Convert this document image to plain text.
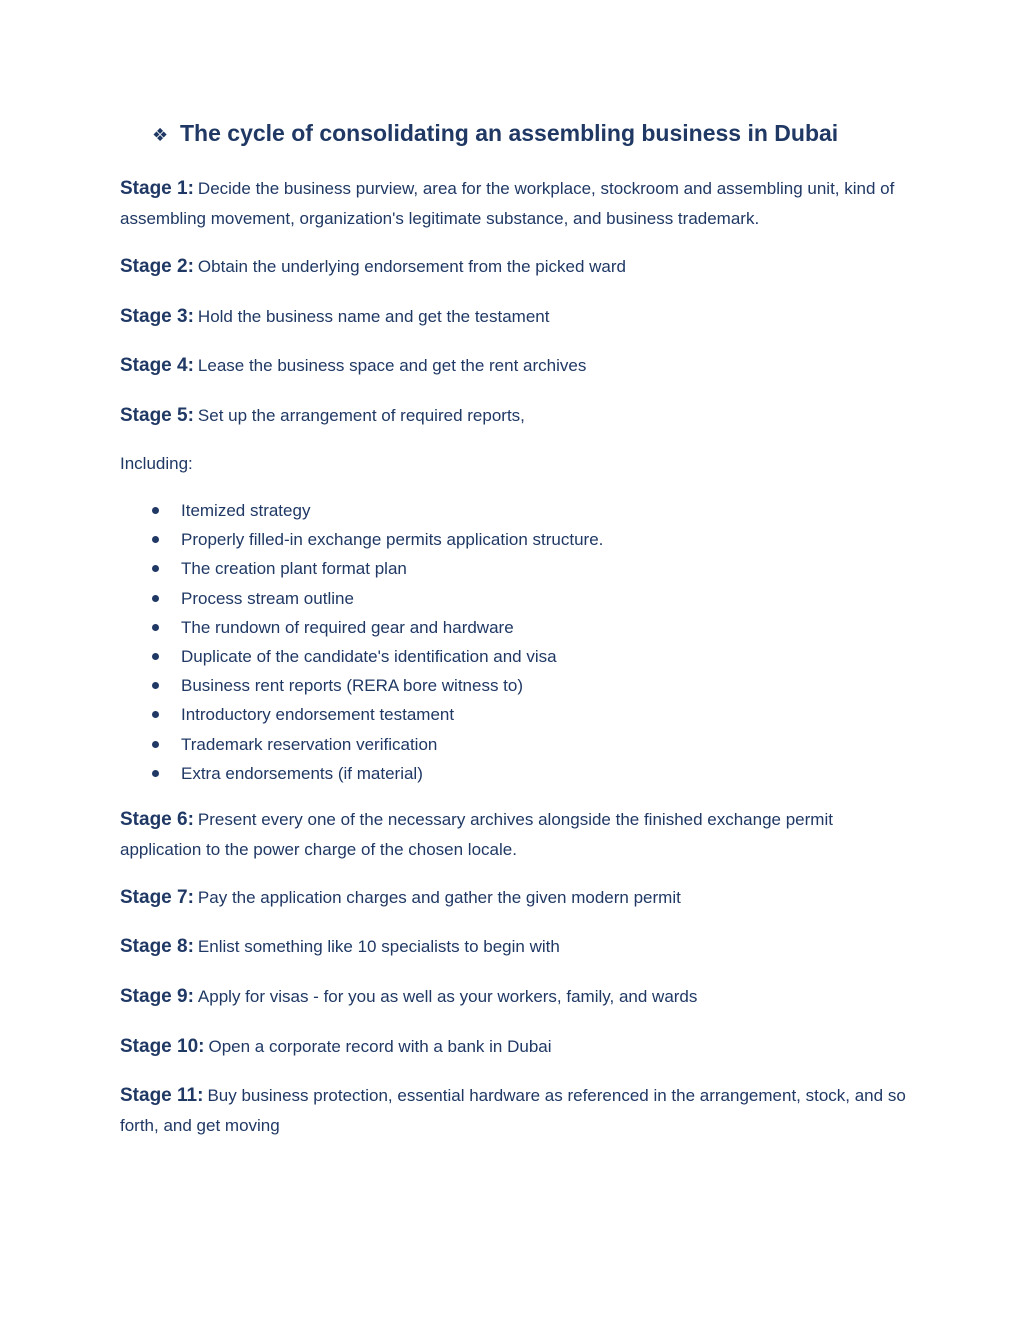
❖ The cycle of consolidating an assembling business in Dubai
Stage 1: Decide the business purview, area for the workplace, stockroom and assembling unit, kind of assembling movement, organization's legitimate substance, and business trademark.
Stage 2: Obtain the underlying endorsement from the picked ward
Stage 3: Hold the business name and get the testament
Stage 4: Lease the business space and get the rent archives
Stage 5: Set up the arrangement of required reports,
Including:
Itemized strategy
Properly filled-in exchange permits application structure.
The creation plant format plan
Process stream outline
The rundown of required gear and hardware
Duplicate of the candidate's identification and visa
Business rent reports (RERA bore witness to)
Introductory endorsement testament
Trademark reservation verification
Extra endorsements (if material)
Stage 6: Present every one of the necessary archives alongside the finished exchange permit application to the power charge of the chosen locale.
Stage 7: Pay the application charges and gather the given modern permit
Stage 8: Enlist something like 10 specialists to begin with
Stage 9: Apply for visas - for you as well as your workers, family, and wards
Stage 10: Open a corporate record with a bank in Dubai
Stage 11: Buy business protection, essential hardware as referenced in the arrangement, stock, and so forth, and get moving
